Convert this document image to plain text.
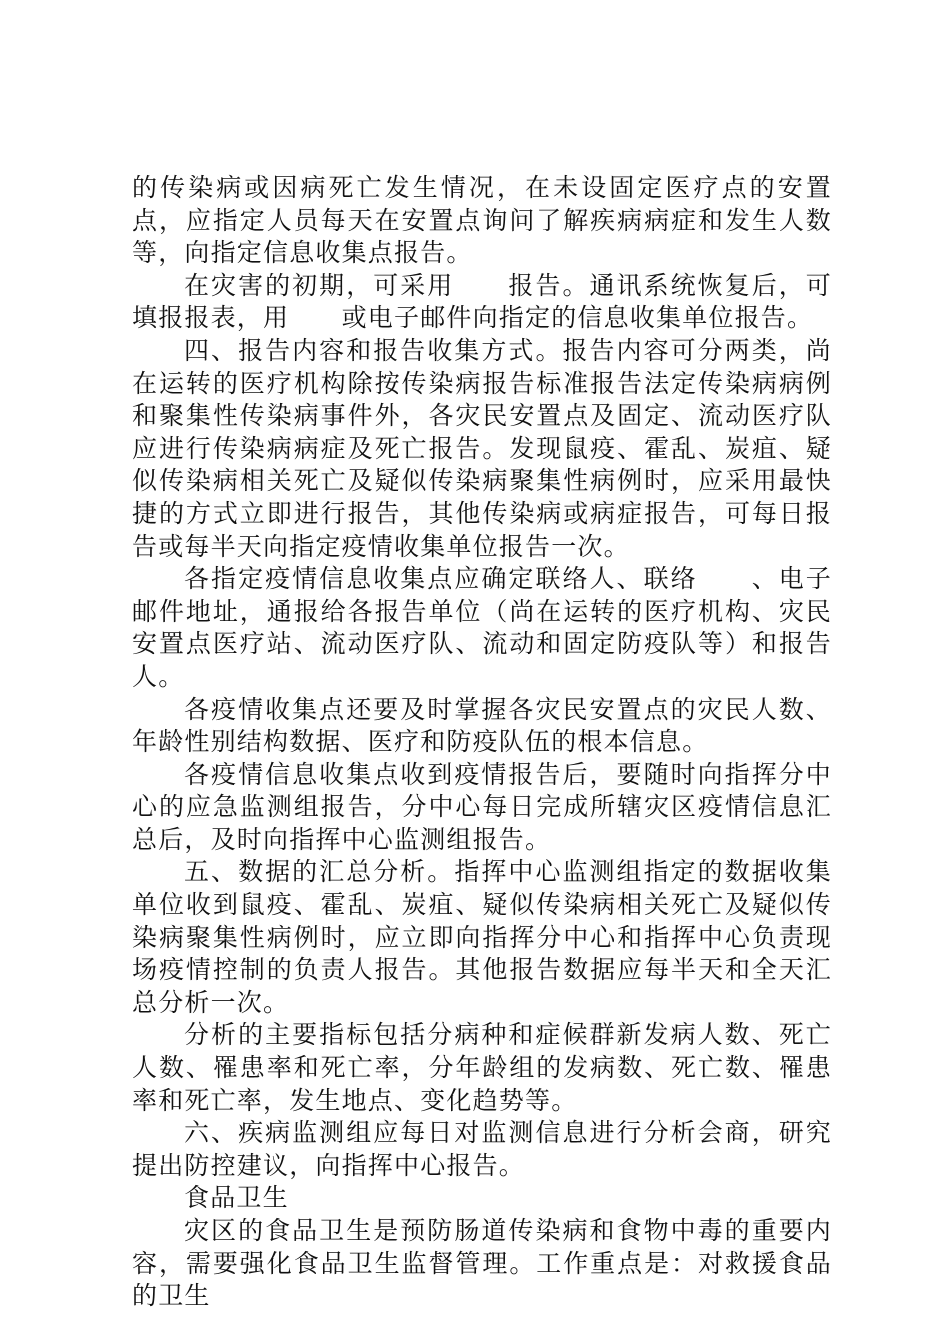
的传染病或因病死亡发生情况，在未设固定医疗点的安置点，应指定人员每天在安置点询问了解疾病病症和发生人数等，向指定信息收集点报告。

在灾害的初期，可采用　　报告。通讯系统恢复后，可填报报表，用　　或电子邮件向指定的信息收集单位报告。

四、报告内容和报告收集方式。报告内容可分两类，尚在运转的医疗机构除按传染病报告标准报告法定传染病病例和聚集性传染病事件外，各灾民安置点及固定、流动医疗队应进行传染病病症及死亡报告。发现鼠疫、霍乱、炭疽、疑似传染病相关死亡及疑似传染病聚集性病例时，应采用最快捷的方式立即进行报告，其他传染病或病症报告，可每日报告或每半天向指定疫情收集单位报告一次。

各指定疫情信息收集点应确定联络人、联络　　、电子邮件地址，通报给各报告单位（尚在运转的医疗机构、灾民安置点医疗站、流动医疗队、流动和固定防疫队等）和报告人。

各疫情收集点还要及时掌握各灾民安置点的灾民人数、年龄性别结构数据、医疗和防疫队伍的根本信息。

各疫情信息收集点收到疫情报告后，要随时向指挥分中心的应急监测组报告，分中心每日完成所辖灾区疫情信息汇总后，及时向指挥中心监测组报告。

五、数据的汇总分析。指挥中心监测组指定的数据收集单位收到鼠疫、霍乱、炭疽、疑似传染病相关死亡及疑似传染病聚集性病例时，应立即向指挥分中心和指挥中心负责现场疫情控制的负责人报告。其他报告数据应每半天和全天汇总分析一次。

分析的主要指标包括分病种和症候群新发病人数、死亡人数、罹患率和死亡率，分年龄组的发病数、死亡数、罹患率和死亡率，发生地点、变化趋势等。

六、疾病监测组应每日对监测信息进行分析会商，研究提出防控建议，向指挥中心报告。

食品卫生

灾区的食品卫生是预防肠道传染病和食物中毒的重要内容，需要强化食品卫生监督管理。工作重点是：对救援食品的卫生
